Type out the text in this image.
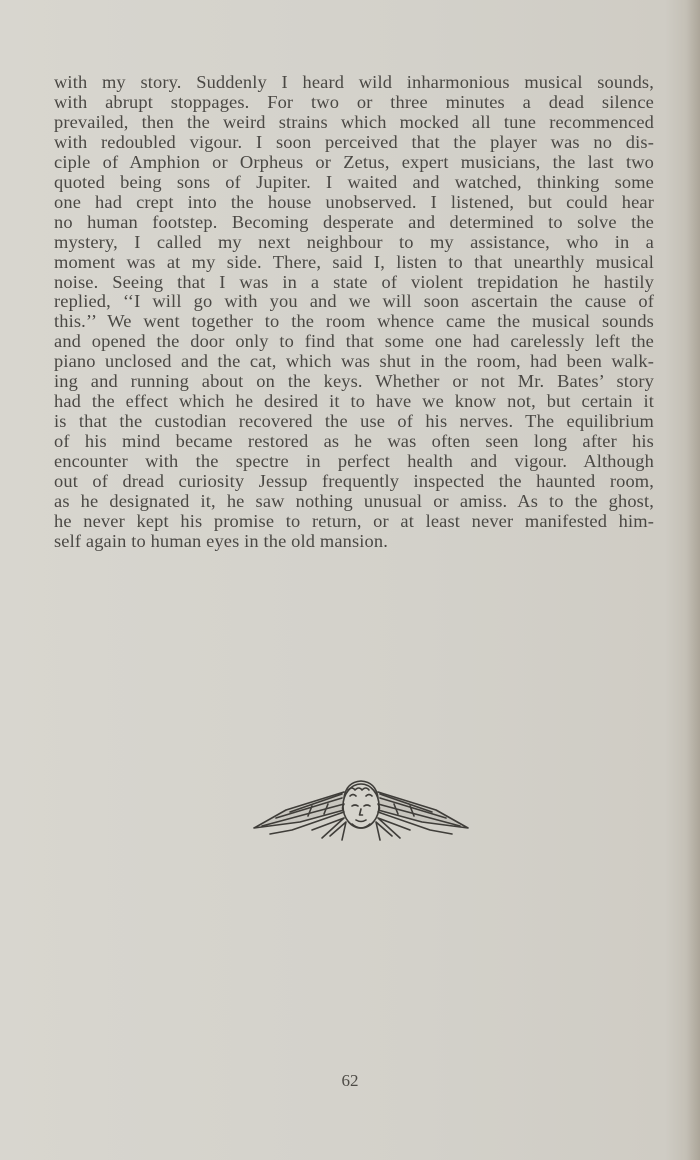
with my story. Suddenly I heard wild inharmonious musical sounds,
with abrupt stoppages. For two or three minutes a dead silence
prevailed, then the weird strains which mocked all tune recommenced
with redoubled vigour. I soon perceived that the player was no dis-
ciple of Amphion or Orpheus or Zetus, expert musicians, the last two
quoted being sons of Jupiter. I waited and watched, thinking some
one had crept into the house unobserved. I listened, but could hear
no human footstep. Becoming desperate and determined to solve the
mystery, I called my next neighbour to my assistance, who in a
moment was at my side. There, said I, listen to that unearthly musical
noise. Seeing that I was in a state of violent trepidation he hastily
replied, ‘‘I will go with you and we will soon ascertain the cause of
this.’’ We went together to the room whence came the musical sounds
and opened the door only to find that some one had carelessly left the
piano unclosed and the cat, which was shut in the room, had been walk-
ing and running about on the keys. Whether or not Mr. Bates’ story
had the effect which he desired it to have we know not, but certain it
is that the custodian recovered the use of his nerves. The equilibrium
of his mind became restored as he was often seen long after his
encounter with the spectre in perfect health and vigour. Although
out of dread curiosity Jessup frequently inspected the haunted room,
as he designated it, he saw nothing unusual or amiss. As to the ghost,
he never kept his promise to return, or at least never manifested him-
self again to human eyes in the old mansion.
62
